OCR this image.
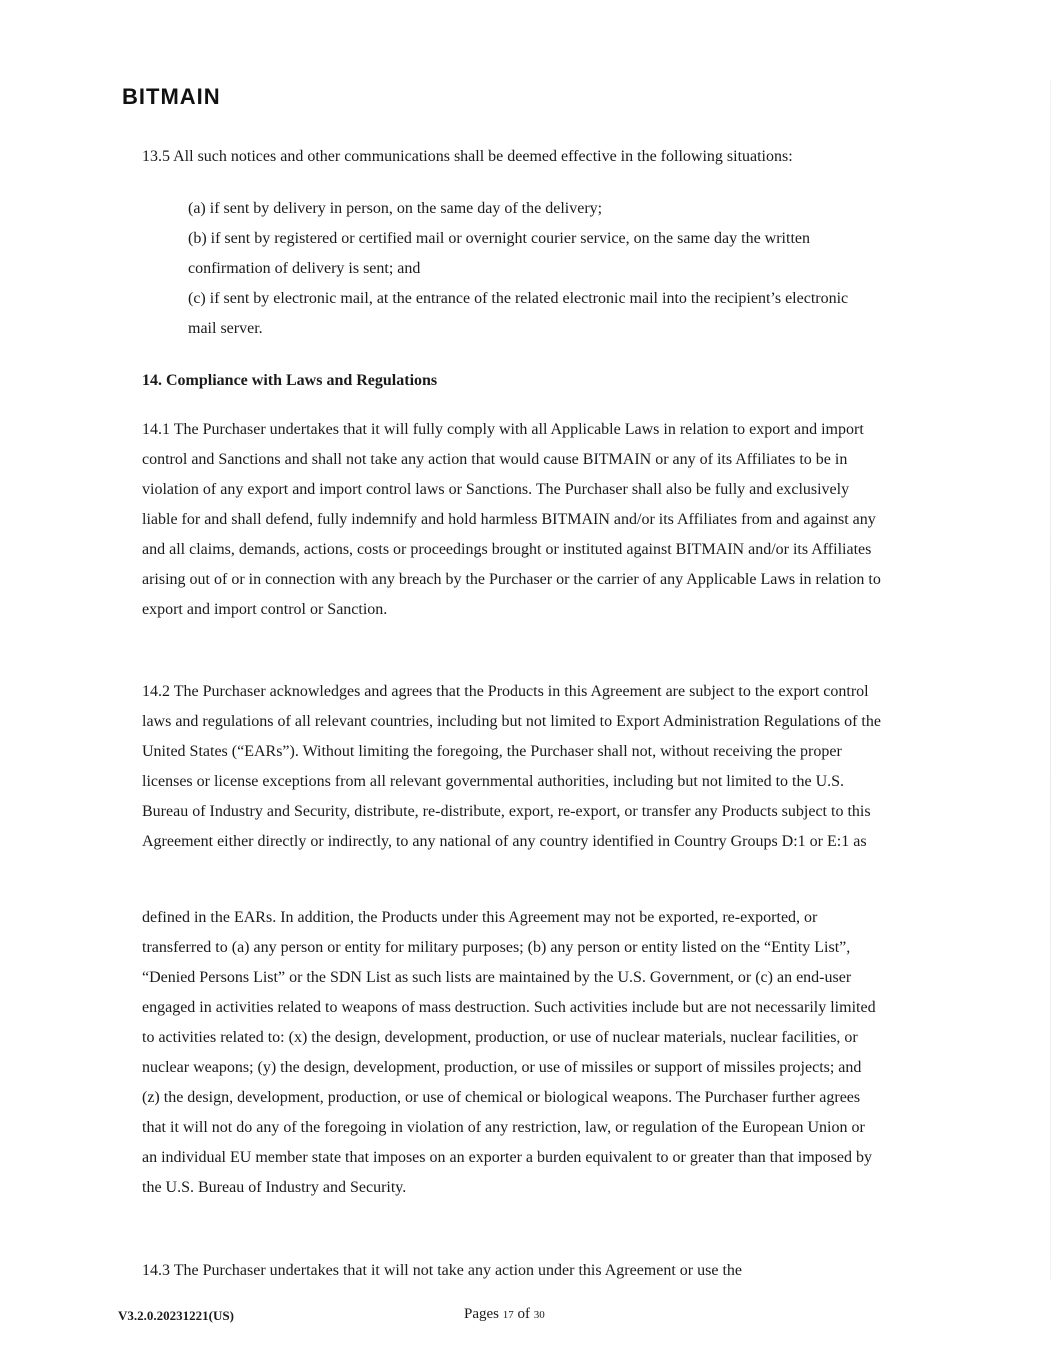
BITMAIN

13.5 All such notices and other communications shall be deemed effective in the following situations:

(a) if sent by delivery in person, on the same day of the delivery;

(b) if sent by registered or certified mail or overnight courier service, on the same day the written confirmation of delivery is sent; and

(c) if sent by electronic mail, at the entrance of the related electronic mail into the recipient’s electronic mail server.

14. Compliance with Laws and Regulations

14.1 The Purchaser undertakes that it will fully comply with all Applicable Laws in relation to export and import control and Sanctions and shall not take any action that would cause BITMAIN or any of its Affiliates to be in violation of any export and import control laws or Sanctions. The Purchaser shall also be fully and exclusively liable for and shall defend, fully indemnify and hold harmless BITMAIN and/or its Affiliates from and against any and all claims, demands, actions, costs or proceedings brought or instituted against BITMAIN and/or its Affiliates arising out of or in connection with any breach by the Purchaser or the carrier of any Applicable Laws in relation to export and import control or Sanction.

14.2 The Purchaser acknowledges and agrees that the Products in this Agreement are subject to the export control laws and regulations of all relevant countries, including but not limited to Export Administration Regulations of the United States (“EARs”). Without limiting the foregoing, the Purchaser shall not, without receiving the proper licenses or license exceptions from all relevant governmental authorities, including but not limited to the U.S. Bureau of Industry and Security, distribute, re-distribute, export, re-export, or transfer any Products subject to this Agreement either directly or indirectly, to any national of any country identified in Country Groups D:1 or E:1 as

defined in the EARs. In addition, the Products under this Agreement may not be exported, re-exported, or transferred to (a) any person or entity for military purposes; (b) any person or entity listed on the “Entity List”, “Denied Persons List” or the SDN List as such lists are maintained by the U.S. Government, or (c) an end-user engaged in activities related to weapons of mass destruction. Such activities include but are not necessarily limited to activities related to: (x) the design, development, production, or use of nuclear materials, nuclear facilities, or nuclear weapons; (y) the design, development, production, or use of missiles or support of missiles projects; and (z) the design, development, production, or use of chemical or biological weapons. The Purchaser further agrees that it will not do any of the foregoing in violation of any restriction, law, or regulation of the European Union or an individual EU member state that imposes on an exporter a burden equivalent to or greater than that imposed by the U.S. Bureau of Industry and Security.

14.3 The Purchaser undertakes that it will not take any action under this Agreement or use the

V3.2.0.20231221(US)	Pages 17 of 30
